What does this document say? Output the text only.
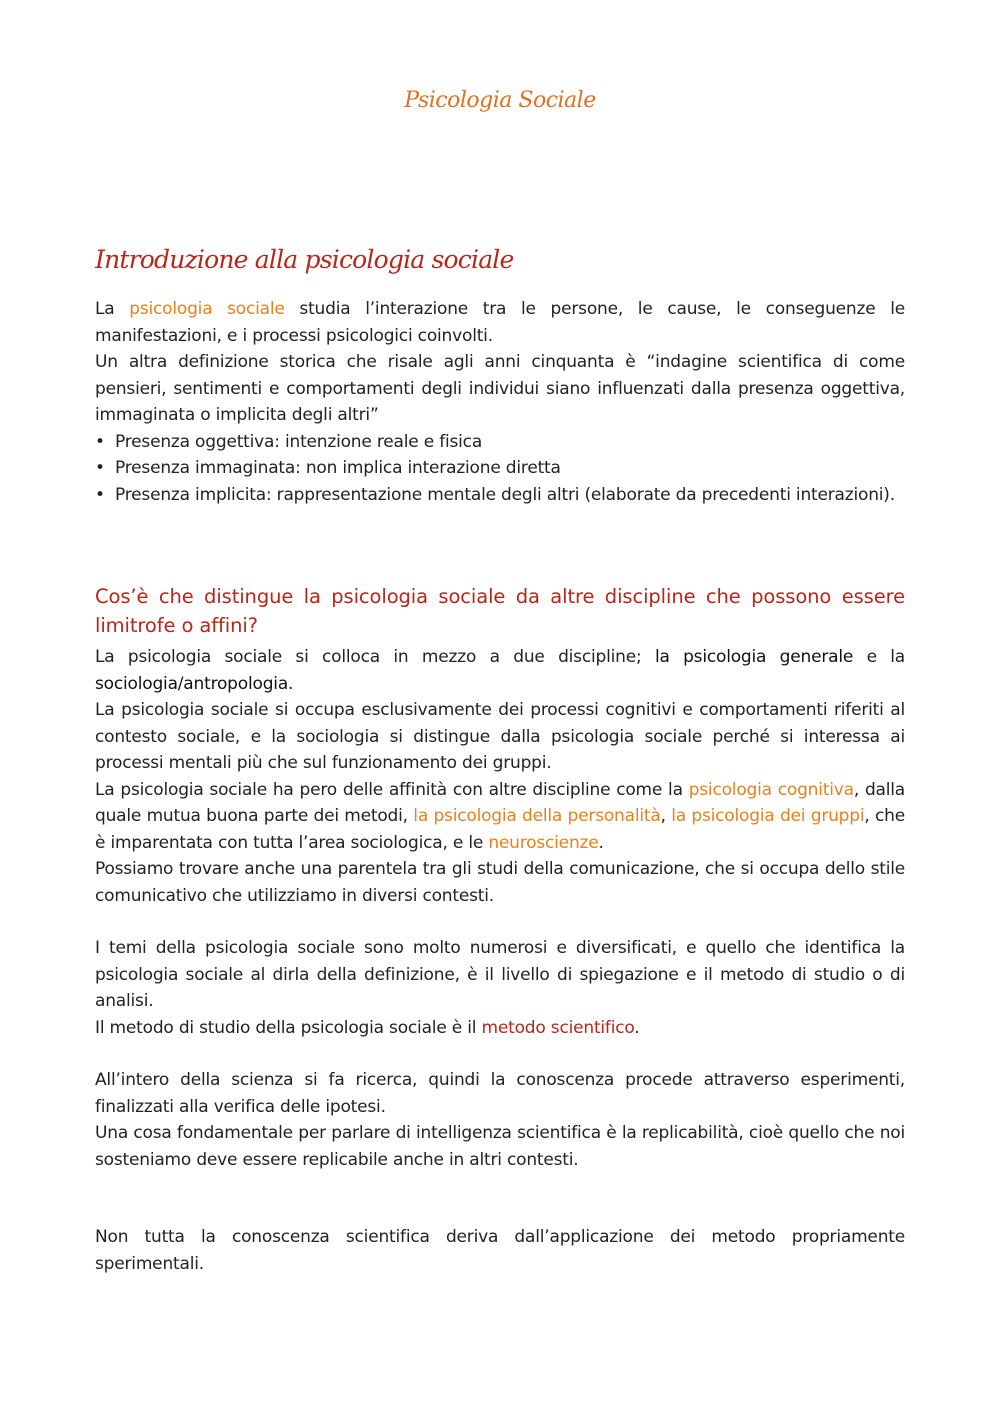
Psicologia Sociale
Introduzione alla psicologia sociale

La psicologia sociale studia l’interazione tra le persone, le cause, le conseguenze le manifestazioni, e i processi psicologici coinvolti.

Un altra definizione storica che risale agli anni cinquanta è “indagine scientifica di come pensieri, sentimenti e comportamenti degli individui siano influenzati dalla presenza oggettiva, immaginata o implicita degli altri”

• Presenza oggettiva: intenzione reale e fisica
• Presenza immaginata: non implica interazione diretta
• Presenza implicita: rappresentazione mentale degli altri (elaborate da precedenti interazioni).

Cos’è che distingue la psicologia sociale da altre discipline che possono essere limitrofe o affini?

La psicologia sociale si colloca in mezzo a due discipline; la psicologia generale e la sociologia/antropologia.

La psicologia sociale si occupa esclusivamente dei processi cognitivi e comportamenti riferiti al contesto sociale, e la sociologia si distingue dalla psicologia sociale perché si interessa ai processi mentali più che sul funzionamento dei gruppi.

La psicologia sociale ha pero delle affinità con altre discipline come la psicologia cognitiva, dalla quale mutua buona parte dei metodi, la psicologia della personalità, la psicologia dei gruppi, che è imparentata con tutta l’area sociologica, e le neuroscienze.

Possiamo trovare anche una parentela tra gli studi della comunicazione, che si occupa dello stile comunicativo che utilizziamo in diversi contesti.

I temi della psicologia sociale sono molto numerosi e diversificati, e quello che identifica la psicologia sociale al dirla della definizione, è il livello di spiegazione e il metodo di studio o di analisi.

Il metodo di studio della psicologia sociale è il metodo scientifico.

All’intero della scienza si fa ricerca, quindi la conoscenza procede attraverso esperimenti, finalizzati alla verifica delle ipotesi.

Una cosa fondamentale per parlare di intelligenza scientifica è la replicabilità, cioè quello che noi sosteniamo deve essere replicabile anche in altri contesti.

Non tutta la conoscenza scientifica deriva dall’applicazione dei metodo propriamente sperimentali.
